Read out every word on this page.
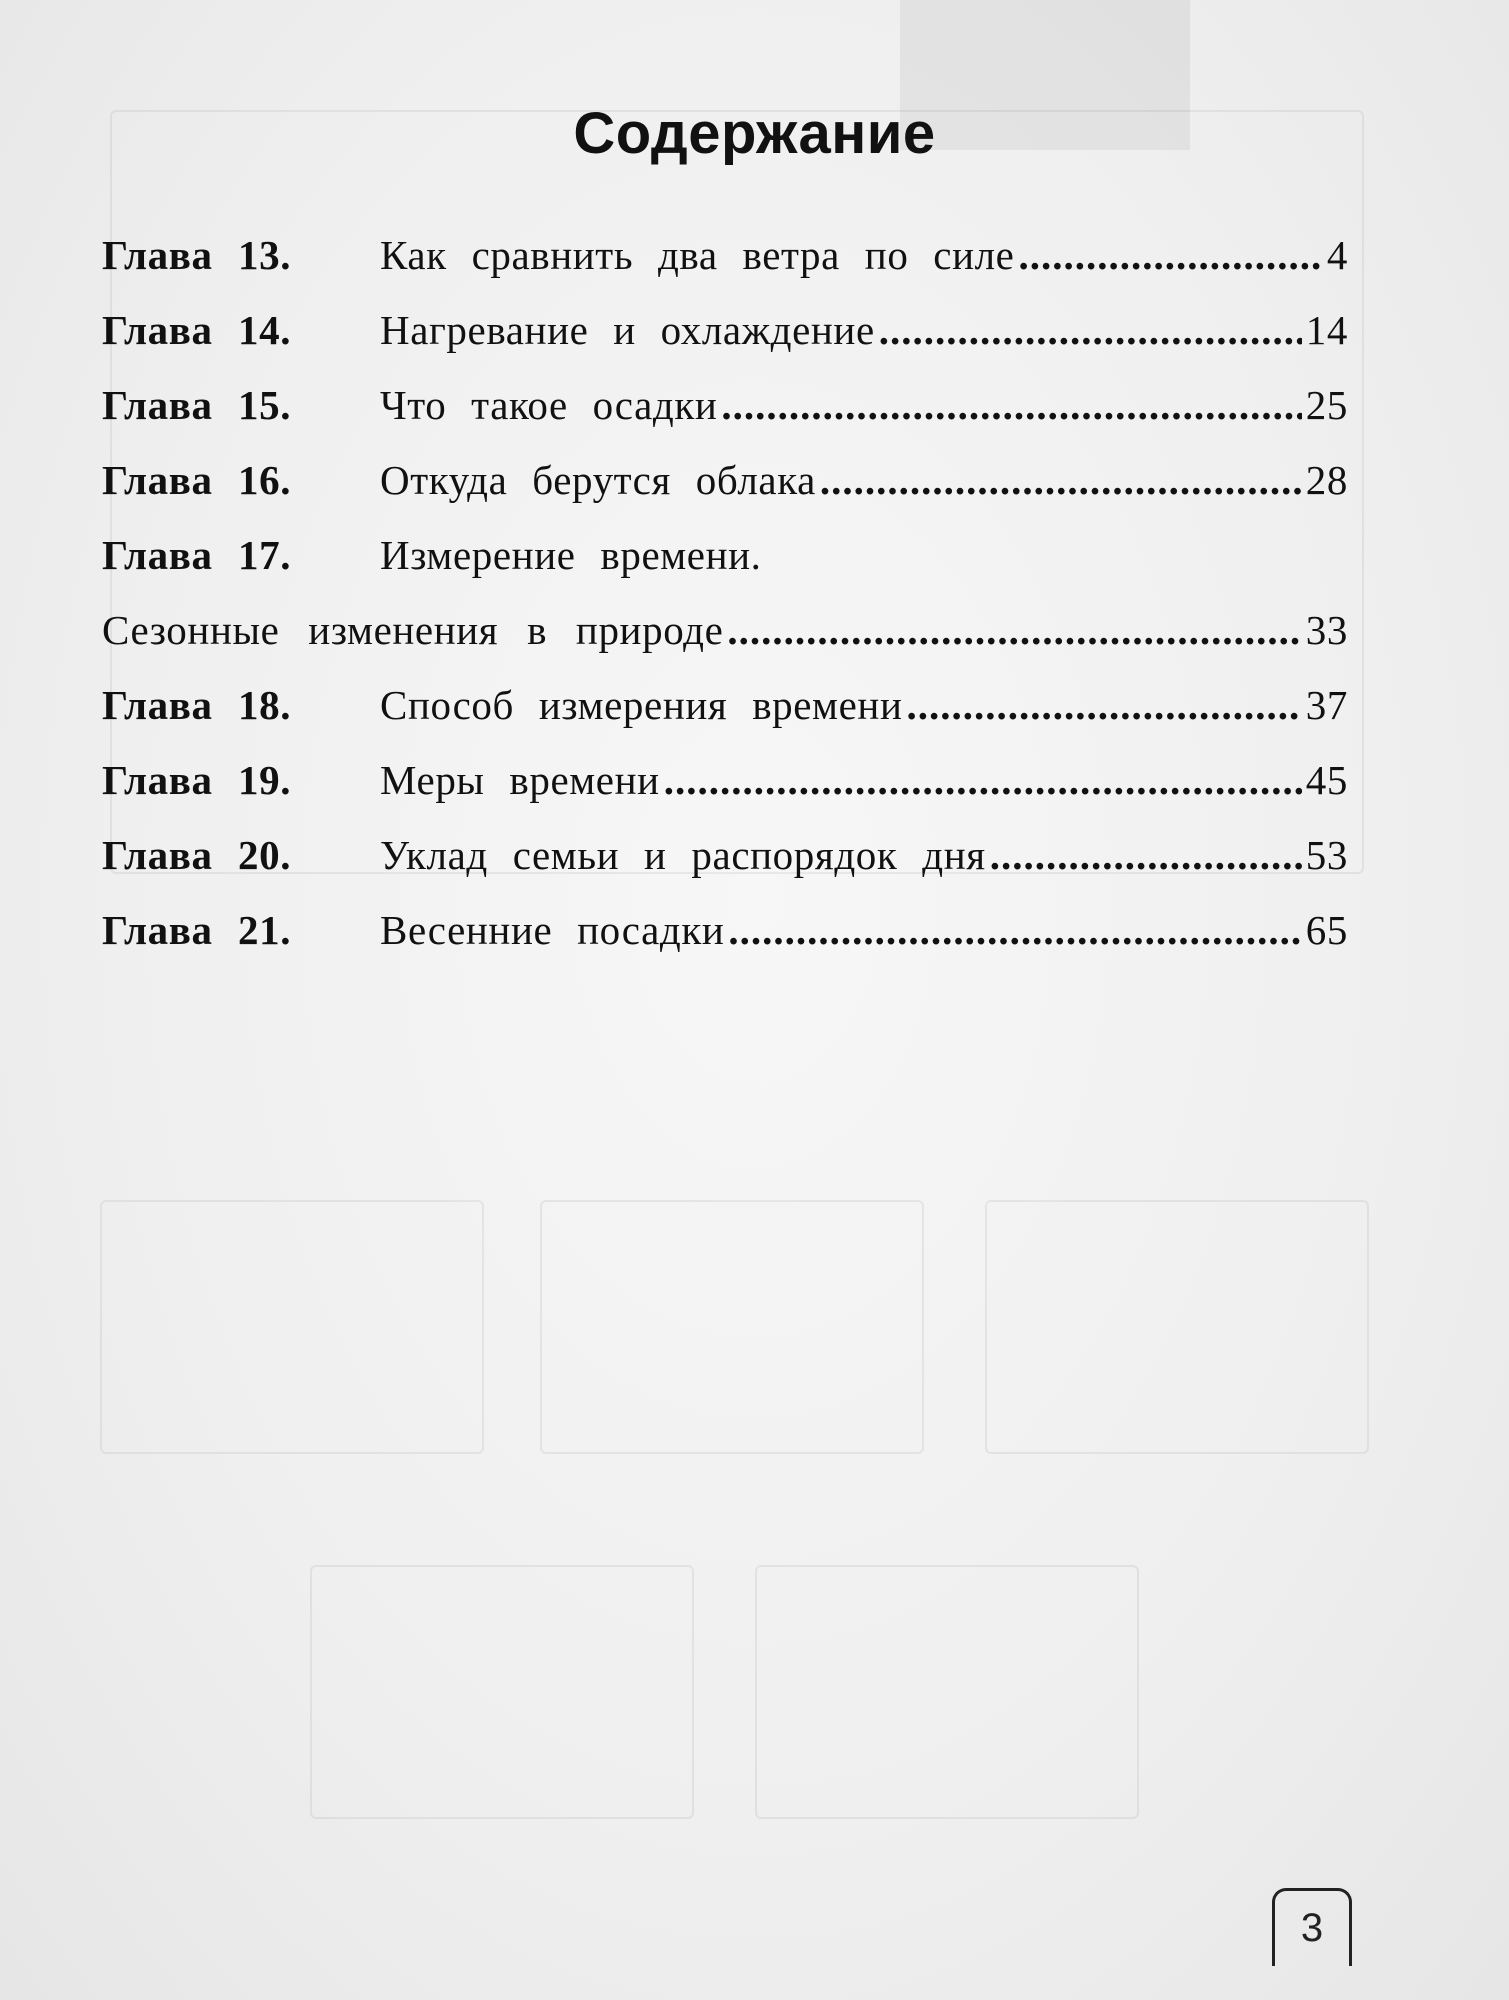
Содержание
Глава 13.	Как сравнить два ветра по силе .....	4
Глава 14.	Нагревание и охлаждение .....	14
Глава 15.	Что такое осадки .....	25
Глава 16.	Откуда берутся облака .....	28
Глава 17.	Измерение времени.
Сезонные изменения в природе .....	33
Глава 18.	Способ измерения времени .....	37
Глава 19.	Меры времени .....	45
Глава 20.	Уклад семьи и распорядок дня .....	53
Глава 21.	Весенние посадки .....	65
3
